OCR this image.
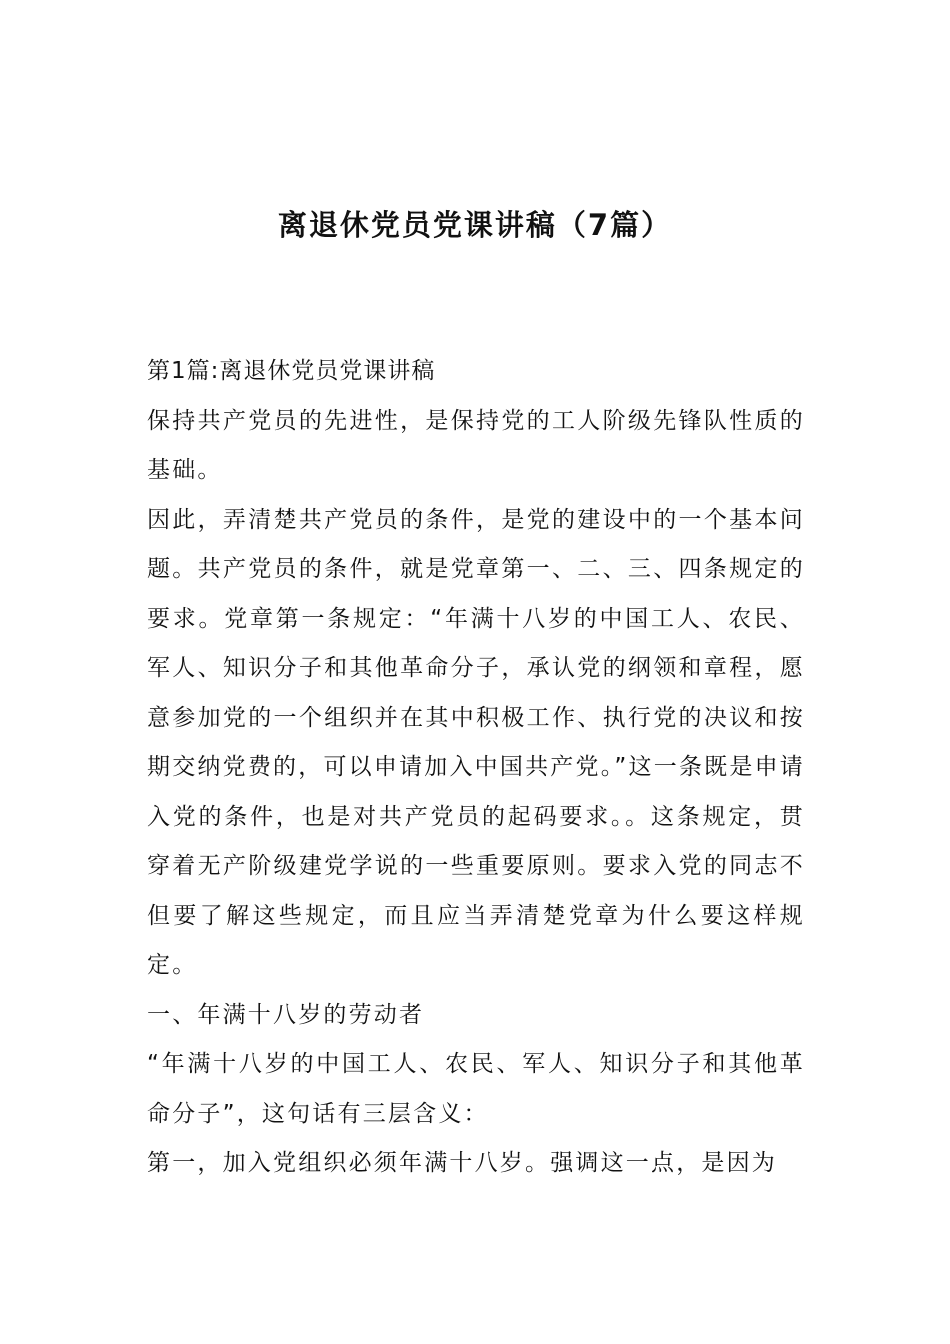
离退休党员党课讲稿（7篇）

第1篇:离退休党员党课讲稿

保持共产党员的先进性，是保持党的工人阶级先锋队性质的基础。

因此，弄清楚共产党员的条件，是党的建设中的一个基本问题。共产党员的条件，就是党章第一、二、三、四条规定的要求。党章第一条规定：“年满十八岁的中国工人、农民、军人、知识分子和其他革命分子，承认党的纲领和章程，愿意参加党的一个组织并在其中积极工作、执行党的决议和按期交纳党费的，可以申请加入中国共产党。”这一条既是申请入党的条件，也是对共产党员的起码要求。。这条规定，贯穿着无产阶级建党学说的一些重要原则。要求入党的同志不但要了解这些规定，而且应当弄清楚党章为什么要这样规定。

一、年满十八岁的劳动者

“年满十八岁的中国工人、农民、军人、知识分子和其他革命分子”，这句话有三层含义：

第一，加入党组织必须年满十八岁。强调这一点，是因为
